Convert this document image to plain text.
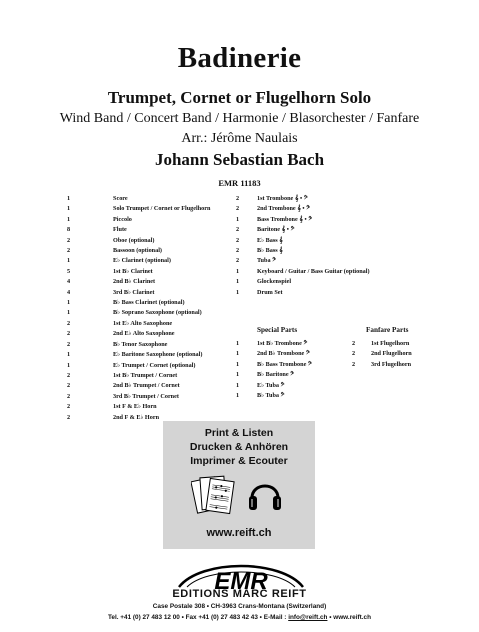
Badinerie
Trumpet, Cornet or Flugelhorn Solo
Wind Band / Concert Band / Harmonie / Blasorchester / Fanfare
Arr.: Jérôme Naulais
Johann Sebastian Bach
EMR 11183
1	Score
1	Solo Trumpet / Cornet or Flugelhorn
1	Piccolo
8	Flute
2	Oboe (optional)
2	Bassoon (optional)
1	E♭ Clarinet (optional)
5	1st B♭ Clarinet
4	2nd B♭ Clarinet
4	3rd B♭ Clarinet
1	B♭ Bass Clarinet (optional)
1	B♭ Soprano Saxophone (optional)
2	1st E♭ Alto Saxophone
2	2nd E♭ Alto Saxophone
2	B♭ Tenor Saxophone
1	E♭ Baritone Saxophone (optional)
1	E♭ Trumpet / Cornet (optional)
2	1st B♭ Trumpet / Cornet
2	2nd B♭ Trumpet / Cornet
2	3rd B♭ Trumpet / Cornet
2	1st F & E♭ Horn
2	2nd F & E♭ Horn
2	1st Trombone 𝄞 • 𝄢
2	2nd Trombone 𝄞 • 𝄢
1	Bass Trombone 𝄞 • 𝄢
2	Baritone 𝄞 • 𝄢
2	E♭ Bass 𝄞
2	B♭ Bass 𝄞
2	Tuba 𝄢
1	Keyboard / Guitar / Bass Guitar (optional)
1	Glockenspiel
1	Drum Set
Special Parts
1	1st B♭ Trombone 𝄢
1	2nd B♭ Trombone 𝄢
1	B♭ Bass Trombone 𝄢
1	B♭ Baritone 𝄢
1	E♭ Tuba 𝄢
1	B♭ Tuba 𝄢
Fanfare Parts
2	1st Flugelhorn
2	2nd Flugelhorn
2	3rd Flugelhorn
Print & Listen
Drucken & Anhören
Imprimer & Ecouter
www.reift.ch
EMR
EDITIONS MARC REIFT
Case Postale 308 • CH-3963 Crans-Montana (Switzerland)
Tel. +41 (0) 27 483 12 00 • Fax +41 (0) 27 483 42 43 • E-Mail : info@reift.ch • www.reift.ch
